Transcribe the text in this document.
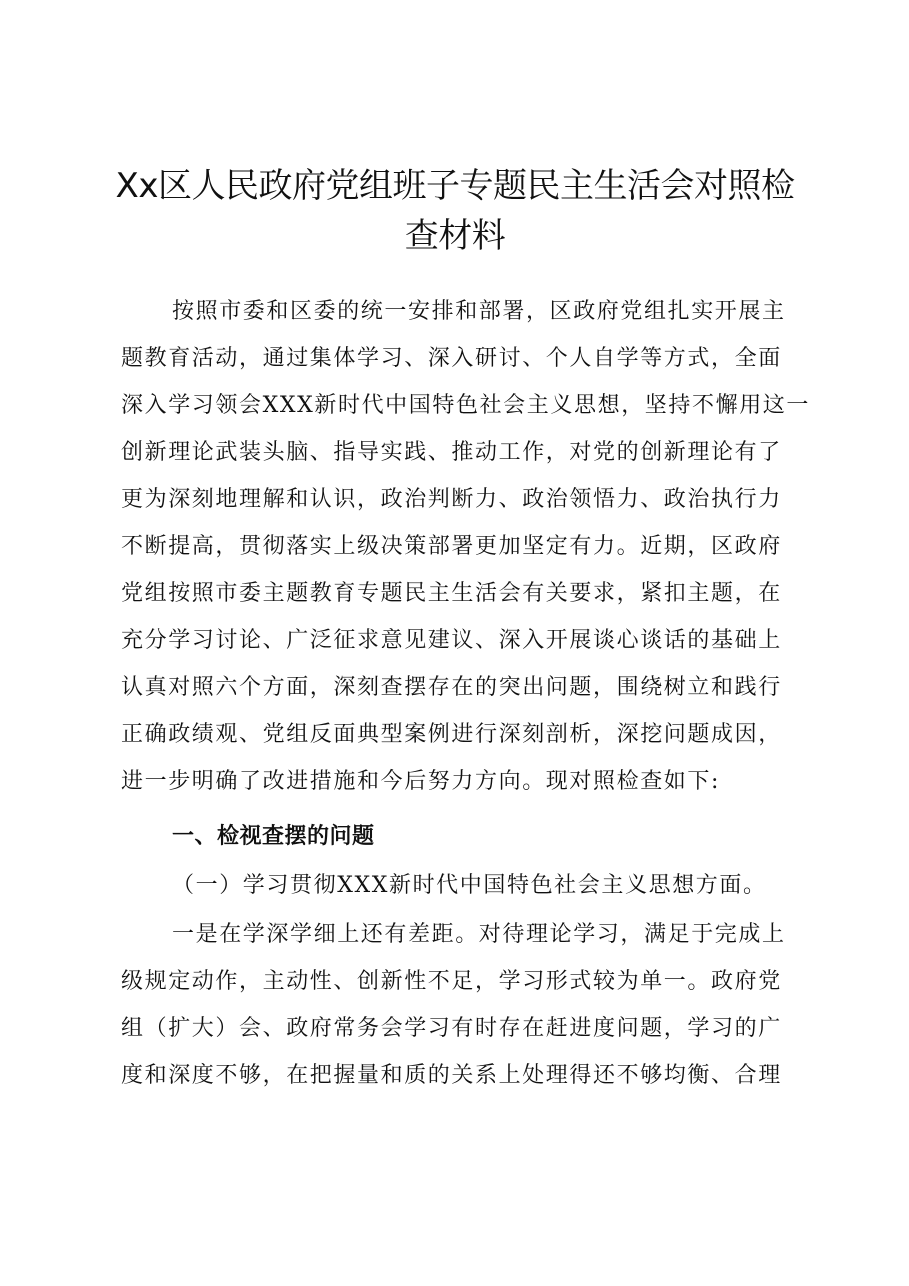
Xx区人民政府党组班子专题民主生活会对照检
查材料
按照市委和区委的统一安排和部署，区政府党组扎实开展主
题教育活动，通过集体学习、深入研讨、个人自学等方式，全面
深入学习领会XXX新时代中国特色社会主义思想，坚持不懈用这一
创新理论武装头脑、指导实践、推动工作，对党的创新理论有了
更为深刻地理解和认识，政治判断力、政治领悟力、政治执行力
不断提高，贯彻落实上级决策部署更加坚定有力。近期，区政府
党组按照市委主题教育专题民主生活会有关要求，紧扣主题，在
充分学习讨论、广泛征求意见建议、深入开展谈心谈话的基础上
认真对照六个方面，深刻查摆存在的突出问题，围绕树立和践行
正确政绩观、党组反面典型案例进行深刻剖析，深挖问题成因，
进一步明确了改进措施和今后努力方向。现对照检查如下:
一、检视查摆的问题
（一）学习贯彻XXX新时代中国特色社会主义思想方面。
一是在学深学细上还有差距。对待理论学习，满足于完成上
级规定动作，主动性、创新性不足，学习形式较为单一。政府党
组（扩大）会、政府常务会学习有时存在赶进度问题，学习的广
度和深度不够，在把握量和质的关系上处理得还不够均衡、合理
